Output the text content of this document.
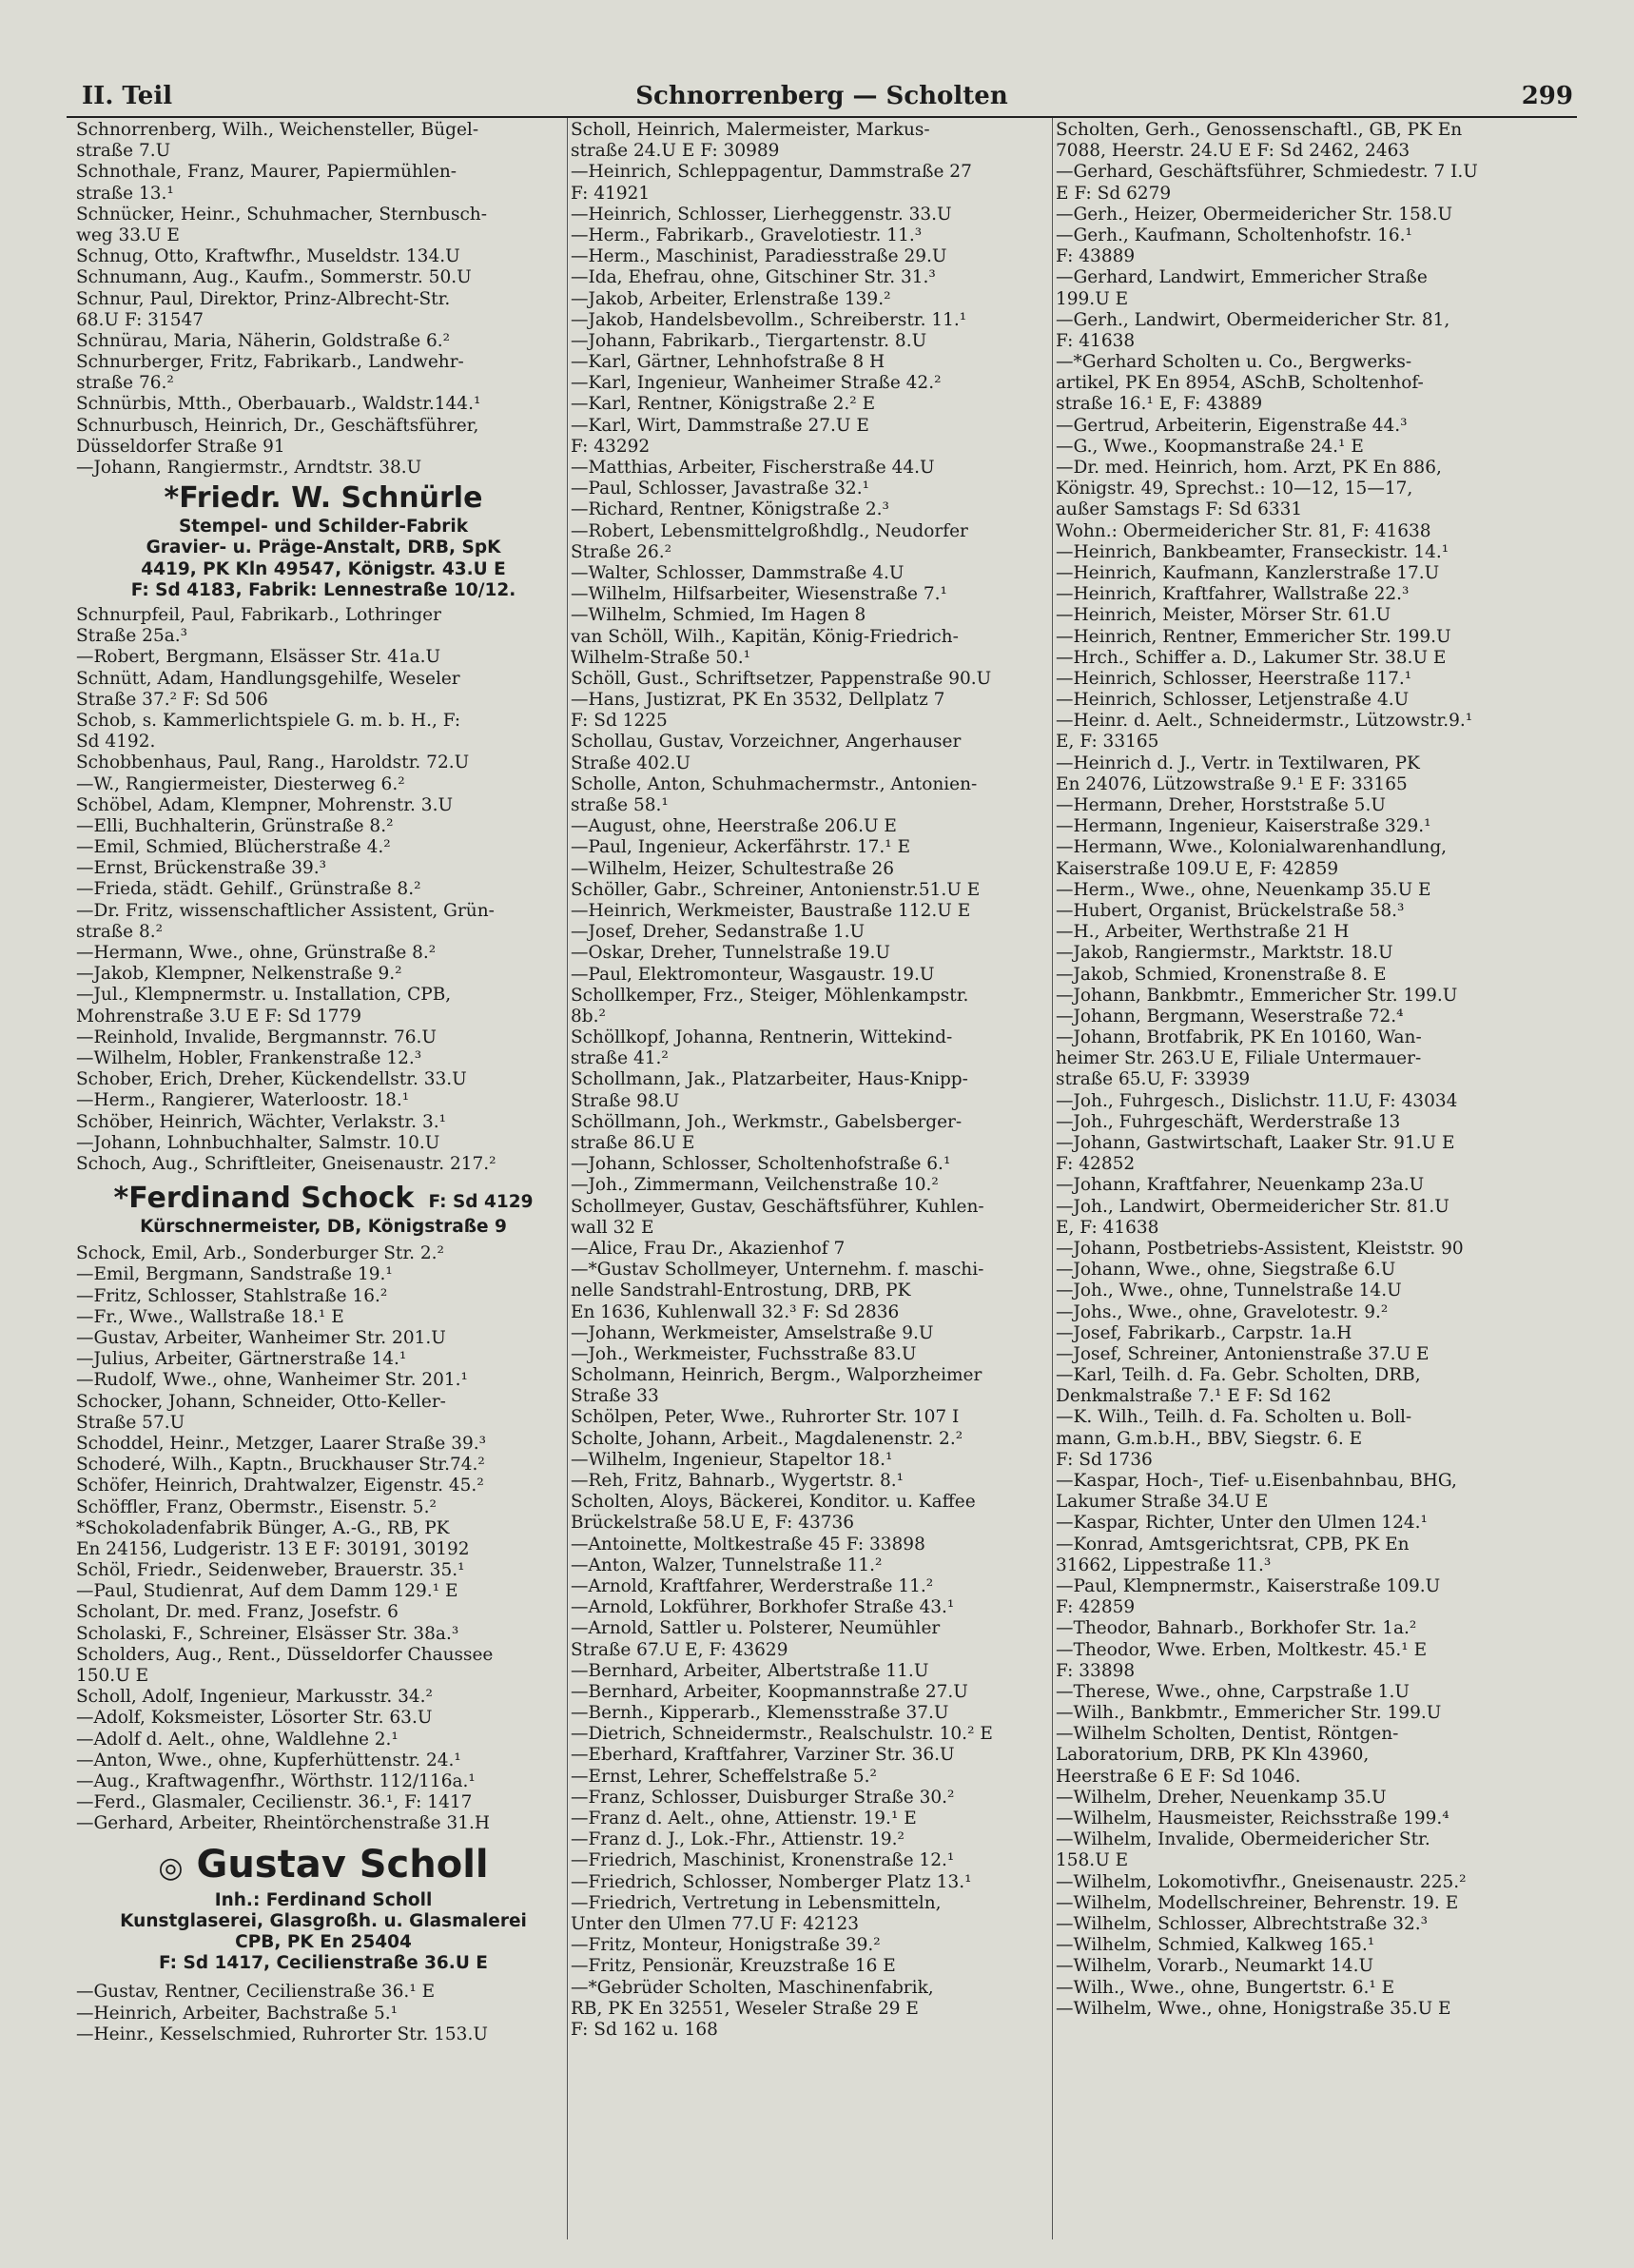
II. Teil	Schnorrenberg — Scholten	299
Schnorrenberg, Wilh., Weichensteller, Bügel-
straße 7.U
Schnothale, Franz, Maurer, Papiermühlen-
straße 13.¹
Schnücker, Heinr., Schuhmacher, Sternbusch-
weg 33.U E
Schnug, Otto, Kraftwfhr., Museldstr. 134.U
Schnumann, Aug., Kaufm., Sommerstr. 50.U
Schnur, Paul, Direktor, Prinz-Albrecht-Str.
68.U F: 31547
Schnürau, Maria, Näherin, Goldstraße 6.²
Schnurberger, Fritz, Fabrikarb., Landwehr-
straße 76.²
Schnürbis, Mtth., Oberbauarb., Waldstr.144.¹
Schnurbusch, Heinrich, Dr., Geschäftsführer,
Düsseldorfer Straße 91
—Johann, Rangiermstr., Arndtstr. 38.U
*Friedr. W. Schnürle
Stempel- und Schilder-Fabrik
Gravier- u. Präge-Anstalt, DRB, SpK
4419, PK Kln 49547, Königstr. 43.U E
F: Sd 4183, Fabrik: Lennestraße 10/12.
Schnurpfeil, Paul, Fabrikarb., Lothringer
Straße 25a.³
—Robert, Bergmann, Elsässer Str. 41a.U
Schnütt, Adam, Handlungsgehilfe, Weseler
Straße 37.² F: Sd 506
Schob, s. Kammerlichtspiele G. m. b. H., F:
Sd 4192.
Schobbenhaus, Paul, Rang., Haroldstr. 72.U
—W., Rangiermeister, Diesterweg 6.²
Schöbel, Adam, Klempner, Mohrenstr. 3.U
—Elli, Buchhalterin, Grünstraße 8.²
—Emil, Schmied, Blücherstraße 4.²
—Ernst, Brückenstraße 39.³
—Frieda, städt. Gehilf., Grünstraße 8.²
—Dr. Fritz, wissenschaftlicher Assistent, Grün-
straße 8.²
—Hermann, Wwe., ohne, Grünstraße 8.²
—Jakob, Klempner, Nelkenstraße 9.²
—Jul., Klempnermstr. u. Installation, CPB,
Mohrenstraße 3.U E F: Sd 1779
—Reinhold, Invalide, Bergmannstr. 76.U
—Wilhelm, Hobler, Frankenstraße 12.³
Schober, Erich, Dreher, Kückendellstr. 33.U
—Herm., Rangierer, Waterloostr. 18.¹
Schöber, Heinrich, Wächter, Verlakstr. 3.¹
—Johann, Lohnbuchhalter, Salmstr. 10.U
Schoch, Aug., Schriftleiter, Gneisenaustr. 217.²
*Ferdinand Schock F: Sd 4129
Kürschnermeister, DB, Königstraße 9
Schock, Emil, Arb., Sonderburger Str. 2.²
—Emil, Bergmann, Sandstraße 19.¹
—Fritz, Schlosser, Stahlstraße 16.²
—Fr., Wwe., Wallstraße 18.¹ E
—Gustav, Arbeiter, Wanheimer Str. 201.U
—Julius, Arbeiter, Gärtnerstraße 14.¹
—Rudolf, Wwe., ohne, Wanheimer Str. 201.¹
Schocker, Johann, Schneider, Otto-Keller-
Straße 57.U
Schoddel, Heinr., Metzger, Laarer Straße 39.³
Schoderé, Wilh., Kaptn., Bruckhauser Str.74.²
Schöfer, Heinrich, Drahtwalzer, Eigenstr. 45.²
Schöffler, Franz, Obermstr., Eisenstr. 5.²
*Schokoladenfabrik Bünger, A.-G., RB, PK
En 24156, Ludgeristr. 13 E F: 30191, 30192
Schöl, Friedr., Seidenweber, Brauerstr. 35.¹
—Paul, Studienrat, Auf dem Damm 129.¹ E
Scholant, Dr. med. Franz, Josefstr. 6
Scholaski, F., Schreiner, Elsässer Str. 38a.³
Scholders, Aug., Rent., Düsseldorfer Chaussee
150.U E
Scholl, Adolf, Ingenieur, Markusstr. 34.²
—Adolf, Koksmeister, Lösorter Str. 63.U
—Adolf d. Aelt., ohne, Waldlehne 2.¹
—Anton, Wwe., ohne, Kupferhüttenstr. 24.¹
—Aug., Kraftwagenfhr., Wörthstr. 112/116a.¹
—Ferd., Glasmaler, Cecilienstr. 36.¹, F: 1417
—Gerhard, Arbeiter, Rheintörchenstraße 31.H
◎ Gustav Scholl
Inh.: Ferdinand Scholl
Kunstglaserei, Glasgroßh. u. Glasmalerei
CPB, PK En 25404
F: Sd 1417, Cecilienstraße 36.U E
—Gustav, Rentner, Cecilienstraße 36.¹ E
—Heinrich, Arbeiter, Bachstraße 5.¹
—Heinr., Kesselschmied, Ruhrorter Str. 153.U
Scholl, Heinrich, Malermeister, Markus-
straße 24.U E F: 30989
—Heinrich, Schleppagentur, Dammstraße 27
F: 41921
—Heinrich, Schlosser, Lierheggenstr. 33.U
—Herm., Fabrikarb., Gravelotiestr. 11.³
—Herm., Maschinist, Paradiesstraße 29.U
—Ida, Ehefrau, ohne, Gitschiner Str. 31.³
—Jakob, Arbeiter, Erlenstraße 139.²
—Jakob, Handelsbevollm., Schreiberstr. 11.¹
—Johann, Fabrikarb., Tiergartenstr. 8.U
—Karl, Gärtner, Lehnhofstraße 8 H
—Karl, Ingenieur, Wanheimer Straße 42.²
—Karl, Rentner, Königstraße 2.² E
—Karl, Wirt, Dammstraße 27.U E
F: 43292
—Matthias, Arbeiter, Fischerstraße 44.U
—Paul, Schlosser, Javastraße 32.¹
—Richard, Rentner, Königstraße 2.³
—Robert, Lebensmittelgroßhdlg., Neudorfer
Straße 26.²
—Walter, Schlosser, Dammstraße 4.U
—Wilhelm, Hilfsarbeiter, Wiesenstraße 7.¹
—Wilhelm, Schmied, Im Hagen 8
van Schöll, Wilh., Kapitän, König-Friedrich-
Wilhelm-Straße 50.¹
Schöll, Gust., Schriftsetzer, Pappenstraße 90.U
—Hans, Justizrat, PK En 3532, Dellplatz 7
F: Sd 1225
Schollau, Gustav, Vorzeichner, Angerhauser
Straße 402.U
Scholle, Anton, Schuhmachermstr., Antonien-
straße 58.¹
—August, ohne, Heerstraße 206.U E
—Paul, Ingenieur, Ackerfährstr. 17.¹ E
—Wilhelm, Heizer, Schultestraße 26
Schöller, Gabr., Schreiner, Antonienstr.51.U E
—Heinrich, Werkmeister, Baustraße 112.U E
—Josef, Dreher, Sedanstraße 1.U
—Oskar, Dreher, Tunnelstraße 19.U
—Paul, Elektromonteur, Wasgaustr. 19.U
Schollkemper, Frz., Steiger, Möhlenkampstr.
8b.²
Schöllkopf, Johanna, Rentnerin, Wittekind-
straße 41.²
Schollmann, Jak., Platzarbeiter, Haus-Knipp-
Straße 98.U
Schöllmann, Joh., Werkmstr., Gabelsberger-
straße 86.U E
—Johann, Schlosser, Scholtenhofstraße 6.¹
—Joh., Zimmermann, Veilchenstraße 10.²
Schollmeyer, Gustav, Geschäftsführer, Kuhlen-
wall 32 E
—Alice, Frau Dr., Akazienhof 7
—*Gustav Schollmeyer, Unternehm. f. maschi-
nelle Sandstrahl-Entrostung, DRB, PK
En 1636, Kuhlenwall 32.³ F: Sd 2836
—Johann, Werkmeister, Amselstraße 9.U
—Joh., Werkmeister, Fuchsstraße 83.U
Scholmann, Heinrich, Bergm., Walporzheimer
Straße 33
Schölpen, Peter, Wwe., Ruhrorter Str. 107 I
Scholte, Johann, Arbeit., Magdalenenstr. 2.²
—Wilhelm, Ingenieur, Stapeltor 18.¹
—Reh, Fritz, Bahnarb., Wygertstr. 8.¹
Scholten, Aloys, Bäckerei, Konditor. u. Kaffee
Brückelstraße 58.U E, F: 43736
—Antoinette, Moltkestraße 45 F: 33898
—Anton, Walzer, Tunnelstraße 11.²
—Arnold, Kraftfahrer, Werderstraße 11.²
—Arnold, Lokführer, Borkhofer Straße 43.¹
—Arnold, Sattler u. Polsterer, Neumühler
Straße 67.U E, F: 43629
—Bernhard, Arbeiter, Albertstraße 11.U
—Bernhard, Arbeiter, Koopmannstraße 27.U
—Bernh., Kipperarb., Klemensstraße 37.U
—Dietrich, Schneidermstr., Realschulstr. 10.² E
—Eberhard, Kraftfahrer, Varziner Str. 36.U
—Ernst, Lehrer, Scheffelstraße 5.²
—Franz, Schlosser, Duisburger Straße 30.²
—Franz d. Aelt., ohne, Attienstr. 19.¹ E
—Franz d. J., Lok.-Fhr., Attienstr. 19.²
—Friedrich, Maschinist, Kronenstraße 12.¹
—Friedrich, Schlosser, Nomberger Platz 13.¹
—Friedrich, Vertretung in Lebensmitteln,
Unter den Ulmen 77.U F: 42123
—Fritz, Monteur, Honigstraße 39.²
—Fritz, Pensionär, Kreuzstraße 16 E
—*Gebrüder Scholten, Maschinenfabrik,
RB, PK En 32551, Weseler Straße 29 E
F: Sd 162 u. 168
Scholten, Gerh., Genossenschaftl., GB, PK En
7088, Heerstr. 24.U E F: Sd 2462, 2463
—Gerhard, Geschäftsführer, Schmiedestr. 7 I.U
E F: Sd 6279
—Gerh., Heizer, Obermeidericher Str. 158.U
—Gerh., Kaufmann, Scholtenhofstr. 16.¹
F: 43889
—Gerhard, Landwirt, Emmericher Straße
199.U E
—Gerh., Landwirt, Obermeidericher Str. 81,
F: 41638
—*Gerhard Scholten u. Co., Bergwerks-
artikel, PK En 8954, ASchB, Scholtenhof-
straße 16.¹ E, F: 43889
—Gertrud, Arbeiterin, Eigenstraße 44.³
—G., Wwe., Koopmanstraße 24.¹ E
—Dr. med. Heinrich, hom. Arzt, PK En 886,
Königstr. 49, Sprechst.: 10—12, 15—17,
außer Samstags F: Sd 6331
Wohn.: Obermeidericher Str. 81, F: 41638
—Heinrich, Bankbeamter, Franseckistr. 14.¹
—Heinrich, Kaufmann, Kanzlerstraße 17.U
—Heinrich, Kraftfahrer, Wallstraße 22.³
—Heinrich, Meister, Mörser Str. 61.U
—Heinrich, Rentner, Emmericher Str. 199.U
—Hrch., Schiffer a. D., Lakumer Str. 38.U E
—Heinrich, Schlosser, Heerstraße 117.¹
—Heinrich, Schlosser, Letjenstraße 4.U
—Heinr. d. Aelt., Schneidermstr., Lützowstr.9.¹
E, F: 33165
—Heinrich d. J., Vertr. in Textilwaren, PK
En 24076, Lützowstraße 9.¹ E F: 33165
—Hermann, Dreher, Horststraße 5.U
—Hermann, Ingenieur, Kaiserstraße 329.¹
—Hermann, Wwe., Kolonialwarenhandlung,
Kaiserstraße 109.U E, F: 42859
—Herm., Wwe., ohne, Neuenkamp 35.U E
—Hubert, Organist, Brückelstraße 58.³
—H., Arbeiter, Werthstraße 21 H
—Jakob, Rangiermstr., Marktstr. 18.U
—Jakob, Schmied, Kronenstraße 8. E
—Johann, Bankbmtr., Emmericher Str. 199.U
—Johann, Bergmann, Weserstraße 72.⁴
—Johann, Brotfabrik, PK En 10160, Wan-
heimer Str. 263.U E, Filiale Untermauer-
straße 65.U, F: 33939
—Joh., Fuhrgesch., Dislichstr. 11.U, F: 43034
—Joh., Fuhrgeschäft, Werderstraße 13
—Johann, Gastwirtschaft, Laaker Str. 91.U E
F: 42852
—Johann, Kraftfahrer, Neuenkamp 23a.U
—Joh., Landwirt, Obermeidericher Str. 81.U
E, F: 41638
—Johann, Postbetriebs-Assistent, Kleiststr. 90
—Johann, Wwe., ohne, Siegstraße 6.U
—Joh., Wwe., ohne, Tunnelstraße 14.U
—Johs., Wwe., ohne, Gravelotestr. 9.²
—Josef, Fabrikarb., Carpstr. 1a.H
—Josef, Schreiner, Antonienstraße 37.U E
—Karl, Teilh. d. Fa. Gebr. Scholten, DRB,
Denkmalstraße 7.¹ E F: Sd 162
—K. Wilh., Teilh. d. Fa. Scholten u. Boll-
mann, G.m.b.H., BBV, Siegstr. 6. E
F: Sd 1736
—Kaspar, Hoch-, Tief- u.Eisenbahnbau, BHG,
Lakumer Straße 34.U E
—Kaspar, Richter, Unter den Ulmen 124.¹
—Konrad, Amtsgerichtsrat, CPB, PK En
31662, Lippestraße 11.³
—Paul, Klempnermstr., Kaiserstraße 109.U
F: 42859
—Theodor, Bahnarb., Borkhofer Str. 1a.²
—Theodor, Wwe. Erben, Moltkestr. 45.¹ E
F: 33898
—Therese, Wwe., ohne, Carpstraße 1.U
—Wilh., Bankbmtr., Emmericher Str. 199.U
—Wilhelm Scholten, Dentist, Röntgen-
Laboratorium, DRB, PK Kln 43960,
Heerstraße 6 E F: Sd 1046.
—Wilhelm, Dreher, Neuenkamp 35.U
—Wilhelm, Hausmeister, Reichsstraße 199.⁴
—Wilhelm, Invalide, Obermeidericher Str.
158.U E
—Wilhelm, Lokomotivfhr., Gneisenaustr. 225.²
—Wilhelm, Modellschreiner, Behrenstr. 19. E
—Wilhelm, Schlosser, Albrechtstraße 32.³
—Wilhelm, Schmied, Kalkweg 165.¹
—Wilhelm, Vorarb., Neumarkt 14.U
—Wilh., Wwe., ohne, Bungertstr. 6.¹ E
—Wilhelm, Wwe., ohne, Honigstraße 35.U E
